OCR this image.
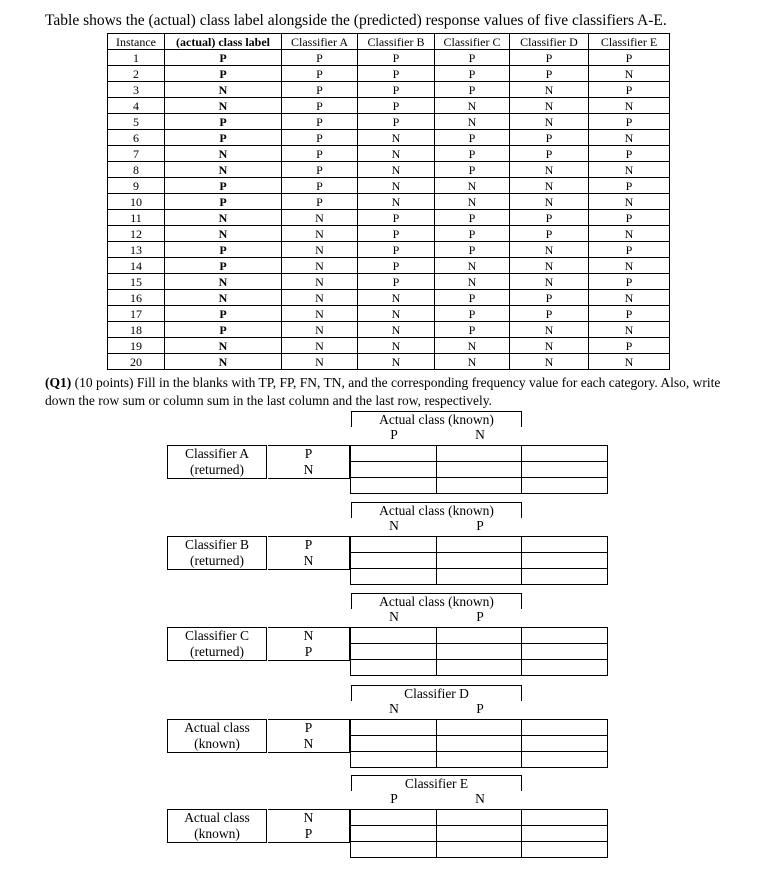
Table shows the (actual) class label alongside the (predicted) response values of five classifiers A-E.

Instance	(actual) class label	Classifier A	Classifier B	Classifier C	Classifier D	Classifier E
1	P	P	P	P	P	P
2	P	P	P	P	P	N
3	N	P	P	P	N	P
4	N	P	P	N	N	N
5	P	P	P	N	N	P
6	P	P	N	P	P	N
7	N	P	N	P	P	P
8	N	P	N	P	N	N
9	P	P	N	N	N	P
10	P	P	N	N	N	N
11	N	N	P	P	P	P
12	N	N	P	P	P	N
13	P	N	P	P	N	P
14	P	N	P	N	N	N
15	N	N	P	N	N	P
16	N	N	N	P	P	N
17	P	N	N	P	P	P
18	P	N	N	P	N	N
19	N	N	N	N	N	P
20	N	N	N	N	N	N

(Q1) (10 points) Fill in the blanks with TP, FP, FN, TN, and the corresponding frequency value for each category. Also, write down the row sum or column sum in the last column and the last row, respectively.

Actual class (known)
P	N

Classifier A
(returned)
P
N
Actual class (known)
N	P

Classifier B
(returned)
P
N
Actual class (known)
N	P

Classifier C
(returned)
N
P
Classifier D
N	P

Actual class
(known)
P
N
Classifier E
P	N

Actual class
(known)
N
P
